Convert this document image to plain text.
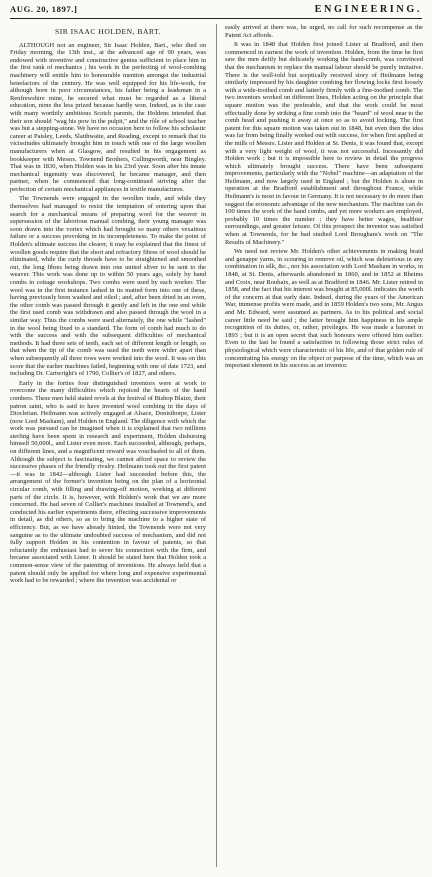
AUG. 20, 1897.]	ENGINEERING.
SIR ISAAC HOLDEN, BART.

ALTHOUGH not an engineer, Sir Isaac Holden, Bart., who died on Friday morning, the 13th inst., at the advanced age of 90 years, was endowed with inventive and constructive genius sufficient to place him in the first rank of mechanics ; his work in the perfecting of wool-combing machinery will entitle him to honourable mention amongst the industrial benefactors of the century. He was well equipped for his life-work, for although born in poor circumstances, his father being a leadsman in a Renfrewshire mine, he secured what must be regarded as a liberal education, none the less prized because hardly won. Indeed, as is the case with many worthily ambitious Scotch parents, the Holdens intended that their son should "wag his pow in the pulpit," and the rôle of school teacher was but a stepping-stone. We have no occasion here to follow his scholastic career at Paisley, Leeds, Slaithwaite, and Reading, except to remark that its vicissitudes ultimately brought him in touch with one of the large woollen manufacturers when at Glasgow, and resulted in his engagement as bookkeeper with Messrs. Townend Brothers, Cullingworth, near Bingley. That was in 1830, when Holden was in his 23rd year. Soon after his innate mechanical ingenuity was discovered, he became manager, and then partner, when he commenced that long-continued striving after the perfection of certain mechanical appliances in textile manufactures.

The Townends were engaged in the woollen trade, and while they themselves had managed to resist the temptation of entering upon that search for a mechanical means of preparing wool for the weaver in supersession of the laborious manual combing, their young manager was soon drawn into the vortex which had brought so many others vexatious failure or a success provoking in its incompleteness. To make the point of Holden's ultimate success the clearer, it may be explained that the finest of woollen goods require that the short and refractory fibres of wool should be eliminated, while the curly threads have to be straightened and smoothed out, the long fibres being drawn into one united sliver to be sent to the weaver. This work was done up to within 50 years ago, solely by hand combs in cottage workshops. Two combs were used by each worker. The wool was in the first instance lashed in its matted form into one of these, having previously been washed and oiled ; and, after been dried in an oven, the other comb was passed through it gently and left in the one end while the first used comb was withdrawn and also passed through the wool in a similar way. Thus the combs were used alternately, the one while "lashed" in the wool being fixed to a standard. The form of comb had much to do with the success and with the subsequent difficulties of mechanical methods. It had three sets of teeth, each set of different length or length, so that when the tip of the comb was used the teeth were wider apart than when subsequently all three rows were worked into the wool. It was on this score that the earlier machines failed, beginning with one of date 1723, and including Dr. Cartwright's of 1790, Collier's of 1827, and others.

Early in the forties four distinguished inventors were at work to overcome the many difficulties which rejoiced the hearts of the hand combers. These men held stated revels at the festival of Bishop Blaize, their patron saint, who is said to have invented wool combing in the days of Diocletian. Heilmann was actively engaged at Alsace, Donisthorpe, Lister (now Lord Masham), and Holden in England. The diligence with which the work was pursued can be imagined when it is explained that two millions sterling have been spent in research and experiment, Holden disbursing himself 50,000l., and Lister even more. Each succeeded, although, perhaps, on different lines, and a magnificent reward was vouchsafed to all of them. Although the subject is fascinating, we cannot afford space to review the successive phases of the friendly rivalry. Heilmann took out the first patent—it was in 1842—although Lister had succeeded before this, the arrangement of the former's invention being on the plan of a horizontal circular comb, with filling and drawing-off motion, working at different parts of the circle. It is, however, with Holden's work that we are more concerned. He had seven of Collier's machines installed at Townend's, and conducted his earlier experiments there, effecting successive improvements in detail, as did others, so as to bring the machine to a higher state of efficiency. But, as we have already hinted, the Townends were not very sanguine as to the ultimate undoubted success of mechanism, and did not fully support Holden in his contention in favour of patents, so that reluctantly the enthusiast had to sever his connection with the firm, and became associated with Lister. It should be stated here that Holden took a common-sense view of the patenting of inventions. He always held that a patent should only be applied for where long and expensive experimental work had to be rewarded ; where the invention was accidental or

easily arrived at there was, he urged, no call for such recompense as the Patent Act affords.

It was in 1848 that Holden first joined Lister at Bradford, and then commenced in earnest the work of invention. Holden, from the time he first saw the men deftly but delicately working the hand-comb, was convinced that the mechanism to replace the manual labour should be purely imitative. There is the well-told but sceptically received story of Heilmann being similarly impressed by his daughter combing her flowing locks first loosely with a wide-toothed comb and latterly firmly with a fine-toothed comb. The two inventors worked on different lines, Holden acting on the principle that square motion was the preferable, and that the work could be most effectually done by striking a fine comb into the "beard" of wool near to the comb head and pushing it away at once so as to avoid locking. The first patent for this square motion was taken out in 1848, but even then the idea was far from being finally worked out with success, for when first applied at the mills of Messrs. Lister and Holden at St. Denis, it was found that, except with a very light weight of wool, it was not successful. Incessantly did Holden work ; but it is impossible here to review in detail the progress which ultimately brought success. There have been subsequent improvements, particularly with the "Nobel" machine—an adaptation of the Heilmann, and now largely used in England ; but the Holden is alone in operation at the Bradford establishment and throughout France, while Heilmann's is most in favour in Germany. It is not necessary to do more than suggest the economic advantage of the new mechanism. The machine can do 100 times the work of the hand combs, and yet more workers are employed, probably 10 times the number ; they have better wages, healthier surroundings, and greater leisure. Of this prospect the inventor was satisfied when at Townends, for he had studied Lord Brougham's work on "The Results of Machinery."

We need not review Mr. Holden's other achievements in making braid and genappe yarns, in scouring to remove oil, which was deleterious in any combination in silk, &c., nor his association with Lord Masham in works, in 1848, at St. Denis, afterwards abandoned in 1860, and in 1852 at Rheims and Croix, near Roubaix, as well as at Bradford in 1846. Mr. Lister retired in 1858, and the fact that his interest was bought at 85,000l. indicates the worth of the concern at that early date. Indeed, during the years of the American War, immense profits were made, and in 1859 Holden's two sons, Mr. Angus and Mr. Edward, were assumed as partners. As to his political and social career little need be said ; the latter brought him happiness in his ample recognition of its duties, or, rather, privileges. He was made a baronet in 1893 ; but it is an open secret that such honours were offered him earlier. Even to the last he found a satisfaction in following those strict rules of physiological which were characteristic of his life, and of that golden rule of concentrating his energy on the object or purpose of the time, which was an important element in his success as an inventor.
